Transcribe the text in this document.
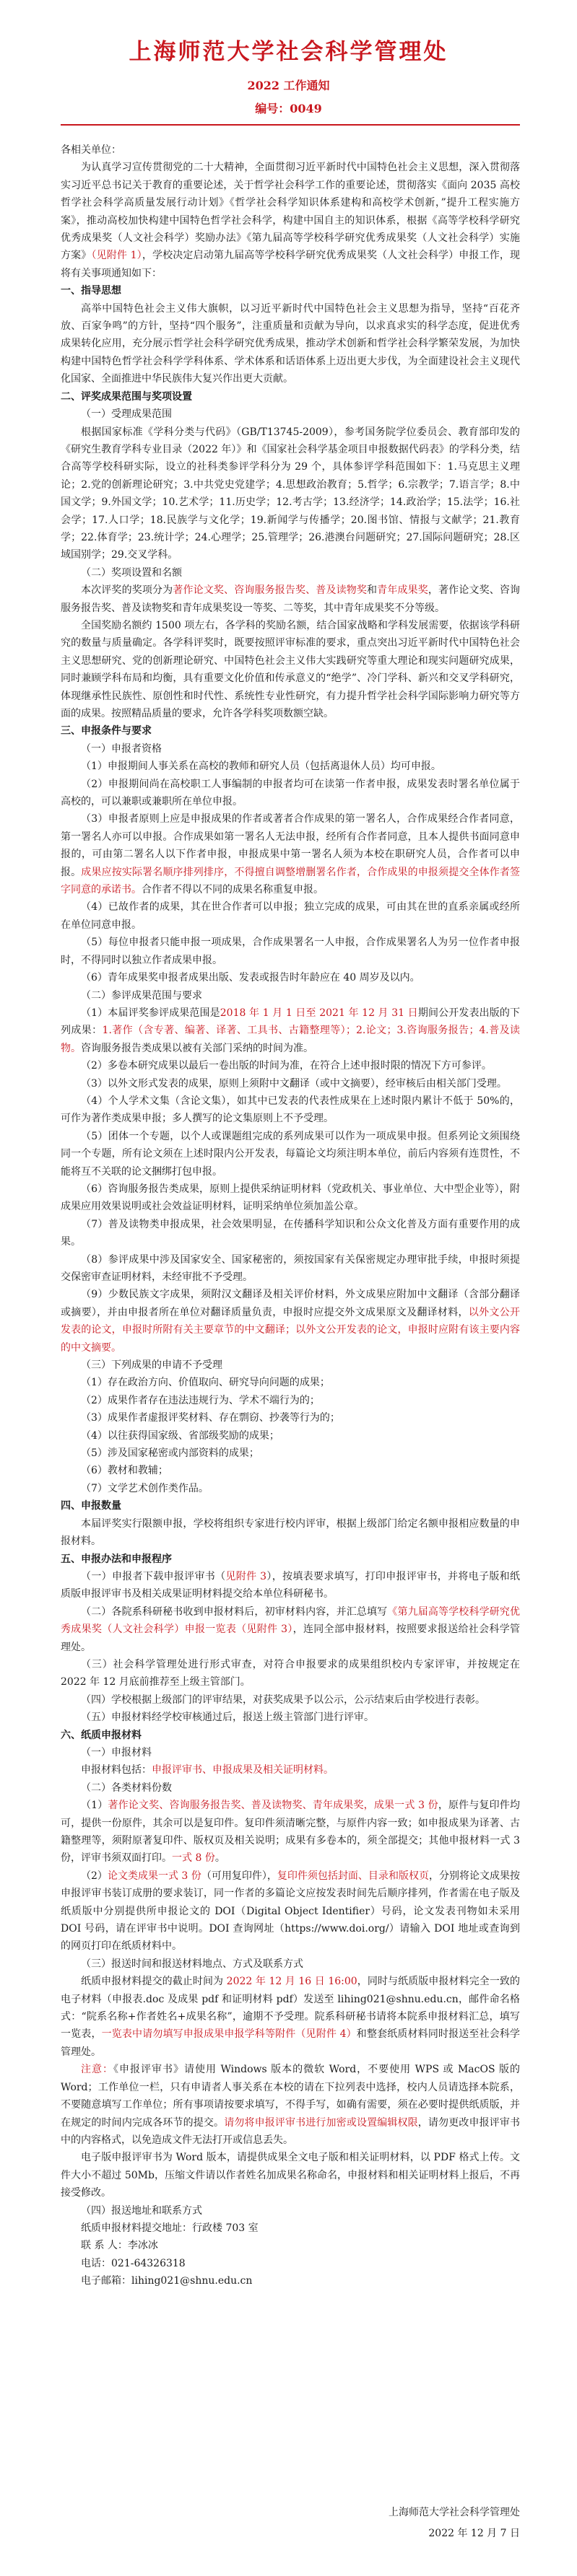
上海师范大学社会科学管理处
2022 工作通知
编号：0049

各相关单位：

为认真学习宣传贯彻党的二十大精神，全面贯彻习近平新时代中国特色社会主义思想，深入贯彻落实习近平总书记关于教育的重要论述，关于哲学社会科学工作的重要论述，贯彻落实《面向 2035 高校哲学社会科学高质量发展行动计划》《哲学社会科学知识体系建构和高校学术创新，”提升工程实施方案》，推动高校加快构建中国特色哲学社会科学，构建中国自主的知识体系，根据《高等学校科学研究优秀成果奖（人文社会科学）奖励办法》《第九届高等学校科学研究优秀成果奖（人文社会科学）实施方案》（见附件 1），学校决定启动第九届高等学校科学研究优秀成果奖（人文社会科学）申报工作，现将有关事项通知如下：

一、指导思想

高举中国特色社会主义伟大旗帜，以习近平新时代中国特色社会主义思想为指导，坚持“百花齐放、百家争鸣”的方针，坚持“四个服务”，注重质量和贡献为导向，以求真求实的科学态度，促进优秀成果转化应用，充分展示哲学社会科学研究优秀成果，推动学术创新和哲学社会科学繁荣发展，为加快构建中国特色哲学社会科学学科体系、学术体系和话语体系上迈出更大步伐，为全面建设社会主义现代化国家、全面推进中华民族伟大复兴作出更大贡献。

二、评奖成果范围与奖项设置

（一）受理成果范围

根据国家标准《学科分类与代码》（GB/T13745-2009），参考国务院学位委员会、教育部印发的《研究生教育学科专业目录（2022 年）》和《国家社会科学基金项目申报数据代码表》的学科分类，结合高等学校科研实际，设立的社科类参评学科分为 29 个，具体参评学科范围如下：1.马克思主义理论；2.党的创新理论研究；3.中共党史党建学；4.思想政治教育；5.哲学；6.宗教学；7.语言学；8.中国文学；9.外国文学；10.艺术学；11.历史学；12.考古学；13.经济学；14.政治学；15.法学；16.社会学；17.人口学；18.民族学与文化学；19.新闻学与传播学；20.图书馆、情报与文献学；21.教育学；22.体育学；23.统计学；24.心理学；25.管理学；26.港澳台问题研究；27.国际问题研究；28.区域国别学；29.交叉学科。

（二）奖项设置和名额

本次评奖的奖项分为著作论文奖、咨询服务报告奖、普及读物奖和青年成果奖，著作论文奖、咨询服务报告奖、普及读物奖和青年成果奖设一等奖、二等奖，其中青年成果奖不分等级。

全国奖励名额约 1500 项左右，各学科的奖励名额，结合国家战略和学科发展需要，依据该学科研究的数量与质量确定。各学科评奖时，既要按照评审标准的要求，重点突出习近平新时代中国特色社会主义思想研究、党的创新理论研究、中国特色社会主义伟大实践研究等重大理论和现实问题研究成果，同时兼顾学科布局和均衡，具有重要文化价值和传承意义的“绝学”、冷门学科、新兴和交叉学科研究，体现继承性民族性、原创性和时代性、系统性专业性研究，有力提升哲学社会科学国际影响力研究等方面的成果。按照精品质量的要求，允许各学科奖项数额空缺。

三、申报条件与要求

（一）申报者资格

（1）申报期间人事关系在高校的教师和研究人员（包括离退休人员）均可申报。

（2）申报期间尚在高校职工人事编制的申报者均可在读第一作者申报，成果发表时署名单位属于高校的，可以兼职或兼职所在单位申报。

（3）申报者原则上应是申报成果的作者或著者合作成果的第一署名人，合作成果经合作者同意，第一署名人亦可以申报。合作成果如第一署名人无法申报，经所有合作者同意，且本人提供书面同意申报的，可由第二署名人以下作者申报，申报成果中第一署名人须为本校在职研究人员，合作者可以申报。成果应按实际署名顺序排列排序，不得擅自调整增删署名作者，合作成果的申报须提交全体作者签字同意的承诺书。合作者不得以不同的成果名称重复申报。

（4）已故作者的成果，其在世合作者可以申报；独立完成的成果，可由其在世的直系亲属或经所在单位同意申报。

（5）每位申报者只能申报一项成果，合作成果署名一人申报，合作成果署名人为另一位作者申报时，不得同时以独立作者成果申报。

（6）青年成果奖申报者成果出版、发表或报告时年龄应在 40 周岁及以内。

（二）参评成果范围与要求

（1）本届评奖参评成果范围是2018 年 1 月 1 日至 2021 年 12 月 31 日期间公开发表出版的下列成果：1.著作（含专著、编著、译著、工具书、古籍整理等）；2.论文；3.咨询服务报告；4.普及读物。咨询服务报告类成果以被有关部门采纳的时间为准。

（2）多卷本研究成果以最后一卷出版的时间为准，在符合上述申报时限的情况下方可参评。

（3）以外文形式发表的成果，原则上须附中文翻译（或中文摘要），经审核后由相关部门受理。

（4）个人学术文集（含论文集），如其中已发表的代表性成果在上述时限内累计不低于 50%的，可作为著作类成果申报；多人撰写的论文集原则上不予受理。

（5）团体一个专题，以个人或课题组完成的系列成果可以作为一项成果申报。但系列论文须围绕同一个专题，所有论文须在上述时限内公开发表，每篇论文均须注明本单位，前后内容须有连贯性，不能将互不关联的论文捆绑打包申报。

（6）咨询服务报告类成果，原则上提供采纳证明材料（党政机关、事业单位、大中型企业等），附成果应用效果说明或社会效益证明材料，证明采纳单位须加盖公章。

（7）普及读物类申报成果，社会效果明显，在传播科学知识和公众文化普及方面有重要作用的成果。

（8）参评成果中涉及国家安全、国家秘密的，须按国家有关保密规定办理审批手续，申报时须提交保密审查证明材料，未经审批不予受理。

（9）少数民族文字成果，须附汉文翻译及相关评价材料，外文成果应附加中文翻译（含部分翻译或摘要），并由申报者所在单位对翻译质量负责，申报时应提交外文成果原文及翻译材料，以外文公开发表的论文，申报时所附有关主要章节的中文翻译；以外文公开发表的论文，申报时应附有该主要内容的中文摘要。

（三）下列成果的申请不予受理

（1）存在政治方向、价值取向、研究导向问题的成果；

（2）成果作者存在违法违规行为、学术不端行为的；

（3）成果作者虚报评奖材料、存在剽窃、抄袭等行为的；

（4）以往获得国家级、省部级奖励的成果；

（5）涉及国家秘密或内部资料的成果；

（6）教材和教辅；

（7）文学艺术创作类作品。

四、申报数量

本届评奖实行限额申报，学校将组织专家进行校内评审，根据上级部门给定名额申报相应数量的申报材料。

五、申报办法和申报程序

（一）申报者下载申报评审书（见附件 3），按填表要求填写，打印申报评审书，并将电子版和纸质版申报评审书及相关成果证明材料提交给本单位科研秘书。

（二）各院系科研秘书收到申报材料后，初审材料内容，并汇总填写《第九届高等学校科学研究优秀成果奖（人文社会科学）申报一览表（见附件 3），连同全部申报材料，按照要求报送给社会科学管理处。

（三）社会科学管理处进行形式审查，对符合申报要求的成果组织校内专家评审，并按规定在 2022 年 12 月底前推荐至上级主管部门。

（四）学校根据上级部门的评审结果，对获奖成果予以公示，公示结束后由学校进行表彰。

（五）申报材料经学校审核通过后，报送上级主管部门进行评审。

六、纸质申报材料

（一）申报材料

申报材料包括：申报评审书、申报成果及相关证明材料。

（二）各类材料份数

（1）著作论文奖、咨询服务报告奖、普及读物奖、青年成果奖，成果一式 3 份，原件与复印件均可，提供一份原件，其余可以是复印件。复印件须清晰完整，与原件内容一致；如申报成果为译著、古籍整理等，须附原著复印件、版权页及相关说明；成果有多卷本的，须全部提交；其他申报材料一式 3 份，评审书须双面打印。一式 8 份。

（2）论文类成果一式 3 份（可用复印件），复印件须包括封面、目录和版权页，分别将论文成果按申报评审书装订成册的要求装订，同一作者的多篇论文应按发表时间先后顺序排列，作者需在电子版及纸质版中分别提供所申报论文的 DOI（Digital Object Identifier）号码，论文发表刊物如未采用 DOI 号码，请在评审书中说明。DOI 查询网址（https://www.doi.org/）请输入 DOI 地址或查询到的网页打印在纸质材料中。

（三）报送时间和报送材料地点、方式及联系方式

纸质申报材料提交的截止时间为 2022 年 12 月 16 日 16:00，同时与纸质版申报材料完全一致的电子材料（申报表.doc 及成果 pdf 和证明材料 pdf）发送至 lihing021@shnu.edu.cn，邮件命名格式：“院系名称+作者姓名+成果名称”，逾期不予受理。院系科研秘书请将本院系申报材料汇总，填写一览表，一览表中请勿填写申报成果申报学科等附件（见附件 4）和整套纸质材料同时报送至社会科学管理处。

注意：《申报评审书》请使用 Windows 版本的微软 Word，不要使用 WPS 或 MacOS 版的 Word；工作单位一栏，只有申请者人事关系在本校的请在下拉列表中选择，校内人员请选择本院系，不要随意填写工作单位；所有事项请按要求填写，不得手写，如确有需要，须在必要时提供纸质版，并在规定的时间内完成各环节的提交。请勿将申报评审书进行加密或设置编辑权限，请勿更改申报评审书中的内容格式，以免造成文件无法打开或信息丢失。

电子版申报评审书为 Word 版本，请提供成果全文电子版和相关证明材料，以 PDF 格式上传。文件大小不超过 50Mb，压缩文件请以作者姓名加成果名称命名，申报材料和相关证明材料上报后，不再接受修改。

（四）报送地址和联系方式

纸质申报材料提交地址：行政楼 703 室

联 系 人：李冰冰

电话：021-64326318

电子邮箱：lihing021@shnu.edu.cn

上海师范大学社会科学管理处
2022 年 12 月 7 日
